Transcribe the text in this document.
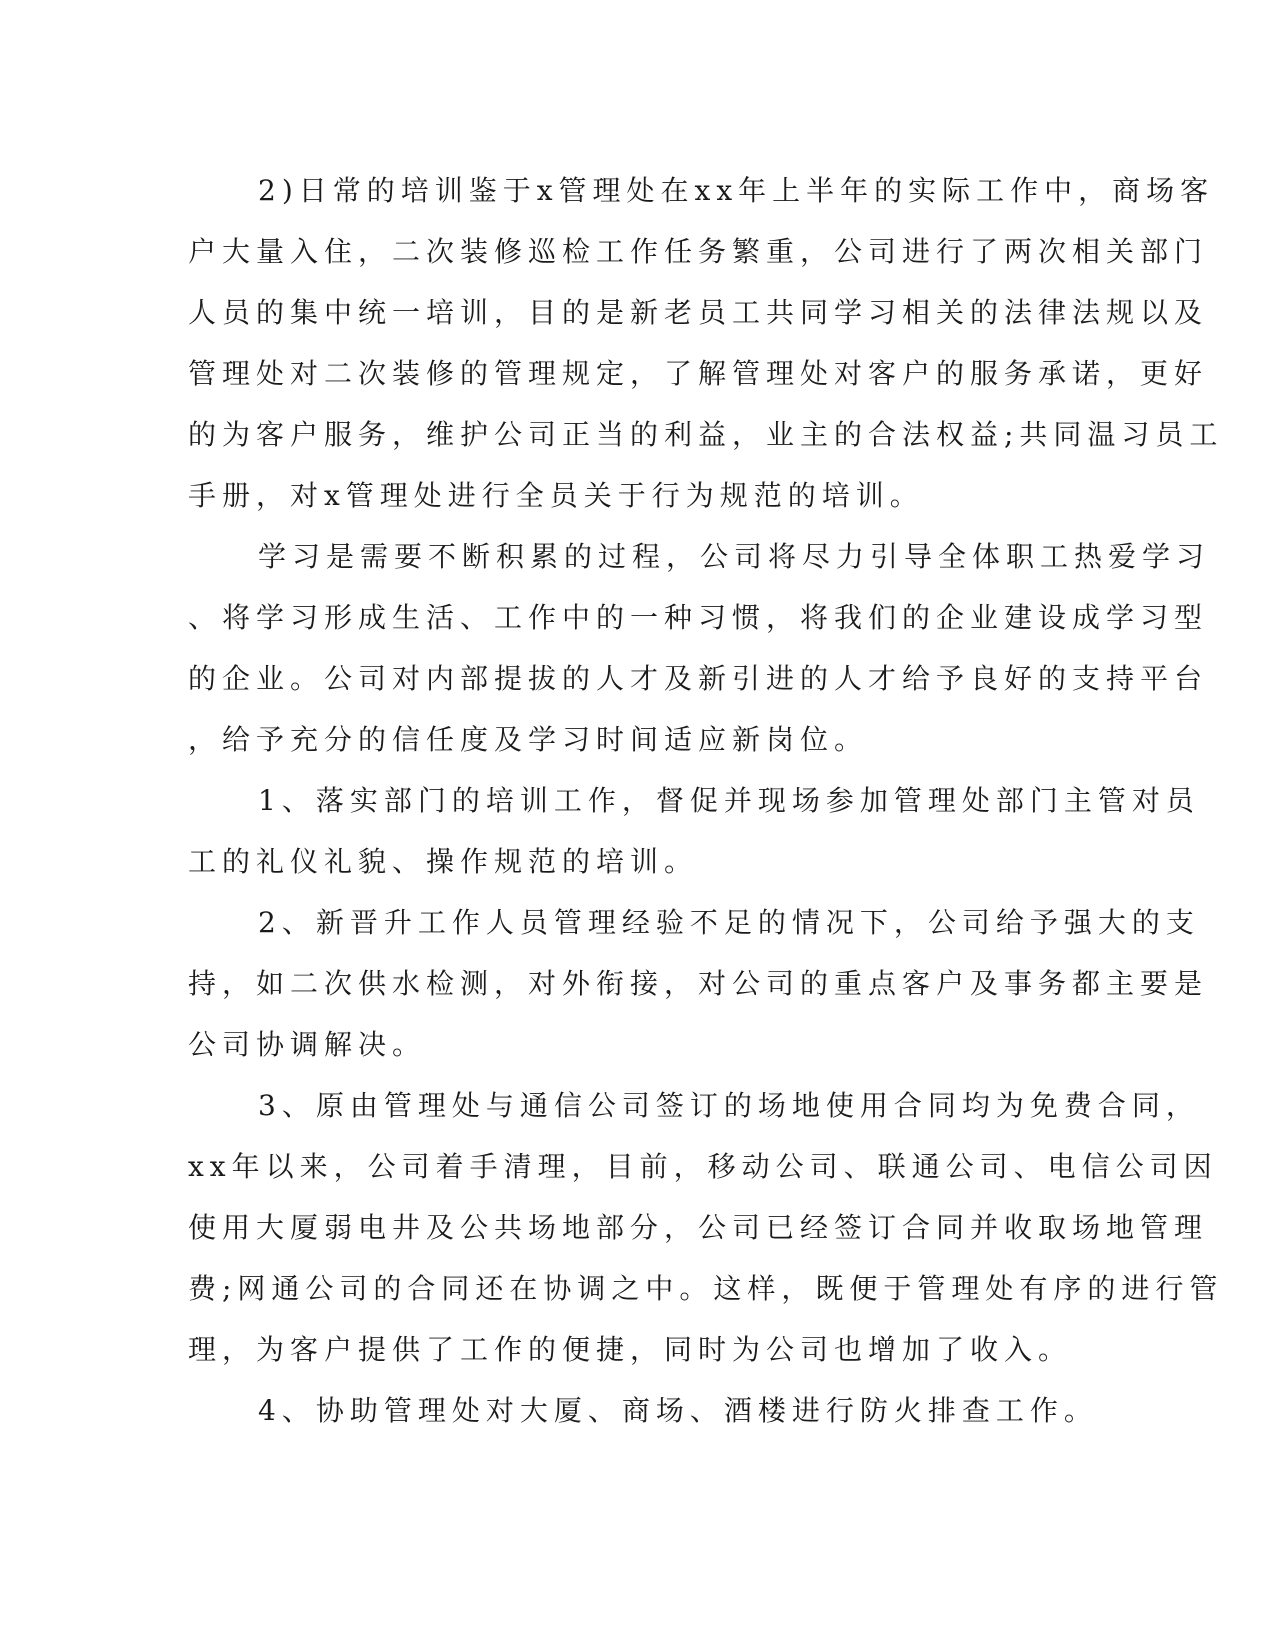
2)日常的培训鉴于x管理处在xx年上半年的实际工作中，商场客
户大量入住，二次装修巡检工作任务繁重，公司进行了两次相关部门
人员的集中统一培训，目的是新老员工共同学习相关的法律法规以及
管理处对二次装修的管理规定，了解管理处对客户的服务承诺，更好
的为客户服务，维护公司正当的利益，业主的合法权益;共同温习员工
手册，对x管理处进行全员关于行为规范的培训。
学习是需要不断积累的过程，公司将尽力引导全体职工热爱学习
、将学习形成生活、工作中的一种习惯，将我们的企业建设成学习型
的企业。公司对内部提拔的人才及新引进的人才给予良好的支持平台
，给予充分的信任度及学习时间适应新岗位。
1、落实部门的培训工作，督促并现场参加管理处部门主管对员
工的礼仪礼貌、操作规范的培训。
2、新晋升工作人员管理经验不足的情况下，公司给予强大的支
持，如二次供水检测，对外衔接，对公司的重点客户及事务都主要是
公司协调解决。
3、原由管理处与通信公司签订的场地使用合同均为免费合同，
xx年以来，公司着手清理，目前，移动公司、联通公司、电信公司因
使用大厦弱电井及公共场地部分，公司已经签订合同并收取场地管理
费;网通公司的合同还在协调之中。这样，既便于管理处有序的进行管
理，为客户提供了工作的便捷，同时为公司也增加了收入。
4、协助管理处对大厦、商场、酒楼进行防火排查工作。
